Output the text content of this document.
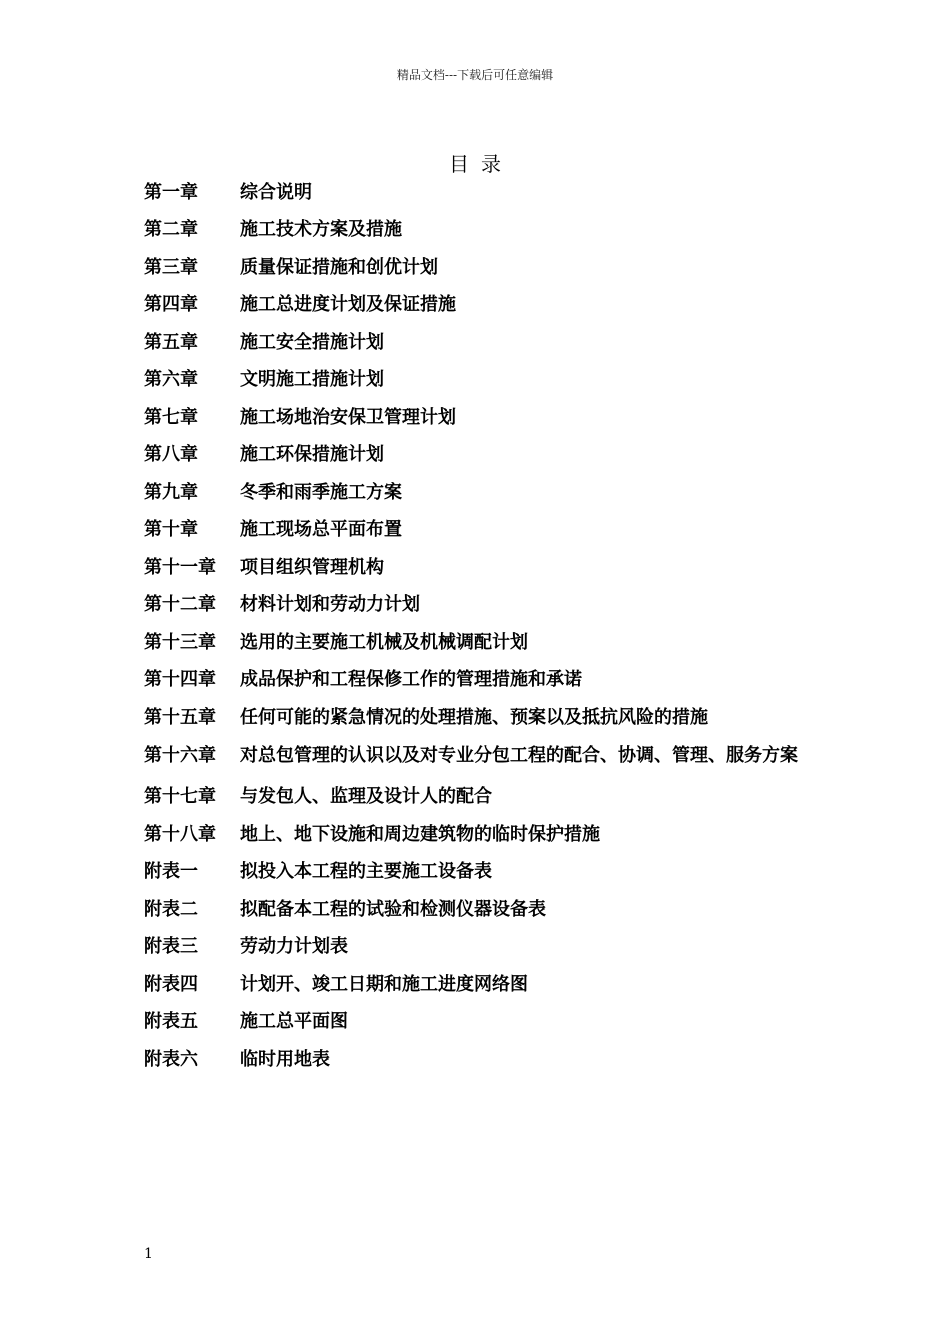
精品文档---下载后可任意编辑
目录
第一章	综合说明
第二章	施工技术方案及措施
第三章	质量保证措施和创优计划
第四章	施工总进度计划及保证措施
第五章	施工安全措施计划
第六章	文明施工措施计划
第七章	施工场地治安保卫管理计划
第八章	施工环保措施计划
第九章	冬季和雨季施工方案
第十章	施工现场总平面布置
第十一章	项目组织管理机构
第十二章	材料计划和劳动力计划
第十三章	选用的主要施工机械及机械调配计划
第十四章	成品保护和工程保修工作的管理措施和承诺
第十五章	任何可能的紧急情况的处理措施、预案以及抵抗风险的措施
第十六章 对总包管理的认识以及对专业分包工程的配合、协调、管理、服务方案
第十七章	与发包人、监理及设计人的配合
第十八章	地上、地下设施和周边建筑物的临时保护措施
附表一	拟投入本工程的主要施工设备表
附表二	拟配备本工程的试验和检测仪器设备表
附表三	劳动力计划表
附表四	计划开、竣工日期和施工进度网络图
附表五	施工总平面图
附表六	临时用地表
1
